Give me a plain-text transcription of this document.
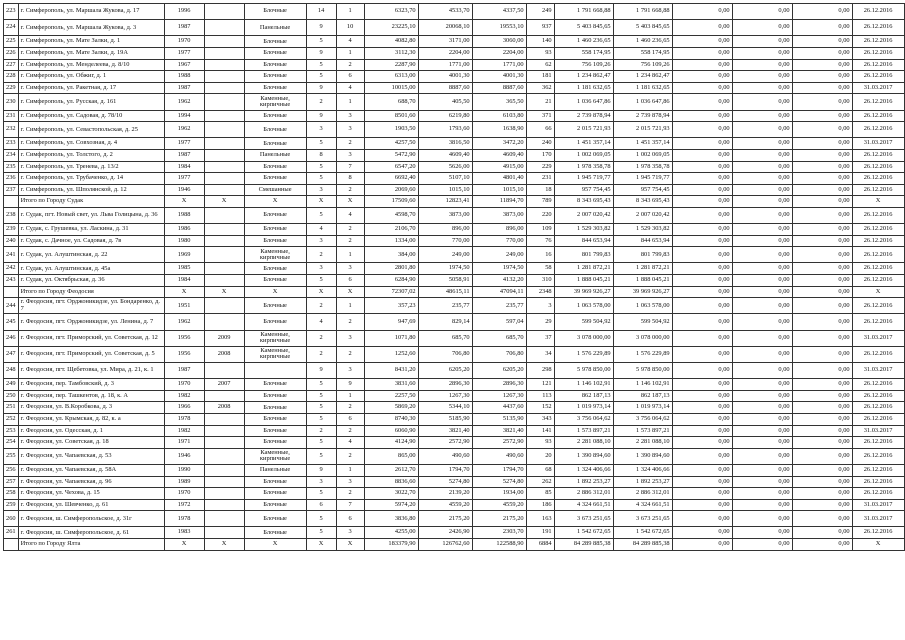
223	г. Симферополь, ул. Маршала Жукова, д. 17	1996		Блочные	14	1	6323,70	4533,70	4337,50	249	1 791 668,88	1 791 668,88	0,00	0,00	0,00	26.12.2016
224	г. Симферополь, ул. Маршала Жукова, д. 3	1987		Панельные	9	10	23225,10	20068,10	19553,10	937	5 403 845,65	5 403 845,65	0,00	0,00	0,00	26.12.2016
225	г. Симферополь, ул. Мате Залки, д. 1	1970		Блочные	5	4	4082,80	3171,00	3060,00	140	1 460 236,65	1 460 236,65	0,00	0,00	0,00	26.12.2016
226	г. Симферополь, ул. Мате Залки, д. 19А	1977		Блочные	9	1	3112,30	2204,00	2204,00	93	558 174,95	558 174,95	0,00	0,00	0,00	26.12.2016
227	г. Симферополь, ул. Менделеева, д. 8/10	1967		Блочные	5	2	2287,90	1771,00	1771,00	62	756 109,26	756 109,26	0,00	0,00	0,00	26.12.2016
228	г. Симферополь, ул. Обжиг, д. 1	1988		Блочные	5	6	6313,00	4001,30	4001,30	181	1 234 862,47	1 234 862,47	0,00	0,00	0,00	26.12.2016
229	г. Симферополь, ул. Ракетная, д. 17	1987		Блочные	9	4	10015,00	8887,60	8887,60	362	1 181 632,65	1 181 632,65	0,00	0,00	0,00	31.03.2017
230	г. Симферополь, ул. Русская, д. 161	1962		Каменные, кирпичные	2	1	688,70	405,50	365,50	21	1 036 647,86	1 036 647,86	0,00	0,00	0,00	26.12.2016
231	г. Симферополь, ул. Садовая, д. 78/10	1994		Блочные	9	3	8501,60	6219,80	6103,80	371	2 739 878,94	2 739 878,94	0,00	0,00	0,00	26.12.2016
232	г. Симферополь, ул. Севастопольская, д. 25	1962		Блочные	3	3	1903,50	1793,60	1638,90	66	2 015 721,93	2 015 721,93	0,00	0,00	0,00	26.12.2016
233	г. Симферополь, ул. Совхозная, д. 4	1977		Блочные	5	2	4257,50	3816,50	3472,20	240	1 451 357,14	1 451 357,14	0,00	0,00	0,00	31.03.2017
234	г. Симферополь, ул. Толстого, д. 2	1987		Панельные	8	3	5472,90	4609,40	4609,40	170	1 002 069,05	1 002 069,05	0,00	0,00	0,00	26.12.2016
235	г. Симферополь, ул. Тренева, д. 13/2	1984		Блочные	5	7	6547,20	5626,00	4915,00	229	1 978 358,78	1 978 358,78	0,00	0,00	0,00	26.12.2016
236	г. Симферополь, ул. Трубаченко, д. 14	1977		Блочные	5	8	6692,40	5107,10	4801,40	231	1 945 719,77	1 945 719,77	0,00	0,00	0,00	26.12.2016
237	г. Симферополь, ул. Шполянской, д. 12	1946		Смешанные	3	2	2069,60	1015,10	1015,10	18	957 754,45	957 754,45	0,00	0,00	0,00	26.12.2016
	Итого по Городу Судак	X	X	X	X	X	17509,60	12823,41	11894,70	789	8 343 695,43	8 343 695,43	0,00	0,00	0,00	X
238	г. Судак, пгт. Новый свет, ул. Льва Голицына, д. 36	1988		Блочные	5	4	4598,70	3873,00	3873,00	220	2 007 020,42	2 007 020,42	0,00	0,00	0,00	26.12.2016
239	г. Судак, с. Грушевка, ул. Ласкина, д. 31	1986		Блочные	4	2	2106,70	896,00	896,00	109	1 529 303,82	1 529 303,82	0,00	0,00	0,00	26.12.2016
240	г. Судак, с. Дачное, ул. Садовая, д. 7в	1980		Блочные	3	2	1334,00	770,00	770,00	76	844 653,94	844 653,94	0,00	0,00	0,00	26.12.2016
241	г. Судак, ул. Алуштинская, д. 22	1969		Каменные, кирпичные	2	1	384,00	249,00	249,00	16	801 799,83	801 799,83	0,00	0,00	0,00	26.12.2016
242	г. Судак, ул. Алуштинская, д. 45а	1985		Блочные	3	3	2801,80	1974,50	1974,50	58	1 281 872,21	1 281 872,21	0,00	0,00	0,00	26.12.2016
243	г. Судак, ул. Октябрьская, д. 36	1984		Блочные	5	6	6284,90	5058,91	4132,20	310	1 888 045,21	1 888 045,21	0,00	0,00	0,00	26.12.2016
	Итого по Городу Феодосия	X	X	X	X	X	72307,02	48615,11	47094,11	2348	39 969 926,27	39 969 926,27	0,00	0,00	0,00	X
244	г. Феодосия, пгт. Орджоникидзе, ул. Бондаренко, д. 7	1951		Блочные	2	1	357,23	235,77	235,77	3	1 063 578,00	1 063 578,00	0,00	0,00	0,00	26.12.2016
245	г. Феодосия, пгт. Орджоникидзе, ул. Ленина, д. 7	1962		Блочные	4	2	947,69	829,14	597,04	29	599 504,92	599 504,92	0,00	0,00	0,00	26.12.2016
246	г. Феодосия, пгт. Приморский, ул. Советская, д. 12	1956	2009	Каменные, кирпичные	2	3	1071,80	685,70	685,70	37	3 078 000,00	3 078 000,00	0,00	0,00	0,00	31.03.2017
247	г. Феодосия, пгт. Приморский, ул. Советская, д. 5	1956	2008	Каменные, кирпичные	2	2	1252,60	706,80	706,80	34	1 576 229,89	1 576 229,89	0,00	0,00	0,00	26.12.2016
248	г. Феодосия, пгт. Щебетовка, ул. Мира, д. 21, к. 1	1987			9	3	8431,20	6205,20	6205,20	298	5 978 850,00	5 978 850,00	0,00	0,00	0,00	31.03.2017
249	г. Феодосия, пер. Тамбовский, д. 3	1970	2007	Блочные	5	9	3831,60	2896,30	2896,30	121	1 146 102,91	1 146 102,91	0,00	0,00	0,00	26.12.2016
250	г. Феодосия, пер. Ташкентов, д. 18, к. А	1982		Блочные	5	1	2257,50	1267,30	1267,30	113	862 187,13	862 187,13	0,00	0,00	0,00	26.12.2016
251	г. Феодосия, ул. В.Коробкова, д. 3	1966	2008	Блочные	5	2	5869,20	5344,10	4437,60	152	1 019 973,14	1 019 973,14	0,00	0,00	0,00	26.12.2016
252	г. Феодосия, ул. Крымская, д. 82, к. а	1978		Блочные	5	6	8740,30	5185,90	5135,90	343	3 756 064,62	3 756 064,62	0,00	0,00	0,00	26.12.2016
253	г. Феодосия, ул. Одесская, д. 1	1982		Блочные	2	2	6060,90	3821,40	3821,40	141	1 573 897,21	1 573 897,21	0,00	0,00	0,00	31.03.2017
254	г. Феодосия, ул. Советская, д. 18	1971		Блочные	5	4	4124,90	2572,90	2572,90	93	2 281 088,10	2 281 088,10	0,00	0,00	0,00	26.12.2016
255	г. Феодосия, ул. Чапаевская, д. 53	1946		Каменные, кирпичные	5	2	865,00	490,60	490,60	20	1 390 894,60	1 390 894,60	0,00	0,00	0,00	26.12.2016
256	г. Феодосия, ул. Чапаевская, д. 58А	1990		Панельные	9	1	2612,70	1794,70	1794,70	68	1 324 406,66	1 324 406,66	0,00	0,00	0,00	26.12.2016
257	г. Феодосия, ул. Чапаевская, д. 96	1989		Блочные	3	3	8836,60	5274,80	5274,80	262	1 892 253,27	1 892 253,27	0,00	0,00	0,00	26.12.2016
258	г. Феодосия, ул. Чехова, д. 15	1970		Блочные	5	2	3022,70	2139,20	1934,00	85	2 886 312,01	2 886 312,01	0,00	0,00	0,00	26.12.2016
259	г. Феодосия, ул. Шевченко, д. 61	1972		Блочные	6	7	5974,20	4559,20	4559,20	186	4 324 661,51	4 324 661,51	0,00	0,00	0,00	31.03.2017
260	г. Феодосия, ш. Симферопольское, д. 31г	1978		Блочные	5	6	3836,80	2175,20	2175,20	163	3 673 251,65	3 673 251,65	0,00	0,00	0,00	31.03.2017
261	г. Феодосия, ш. Симферопольское, д. 61	1983		Блочные	5	3	4255,00	2426,90	2303,70	191	1 542 672,65	1 542 672,65	0,00	0,00	0,00	26.12.2016
	Итого по Городу Ялта	X	X	X	X	X	183379,90	126762,60	122588,90	6884	84 289 885,38	84 289 885,38	0,00	0,00	0,00	X
